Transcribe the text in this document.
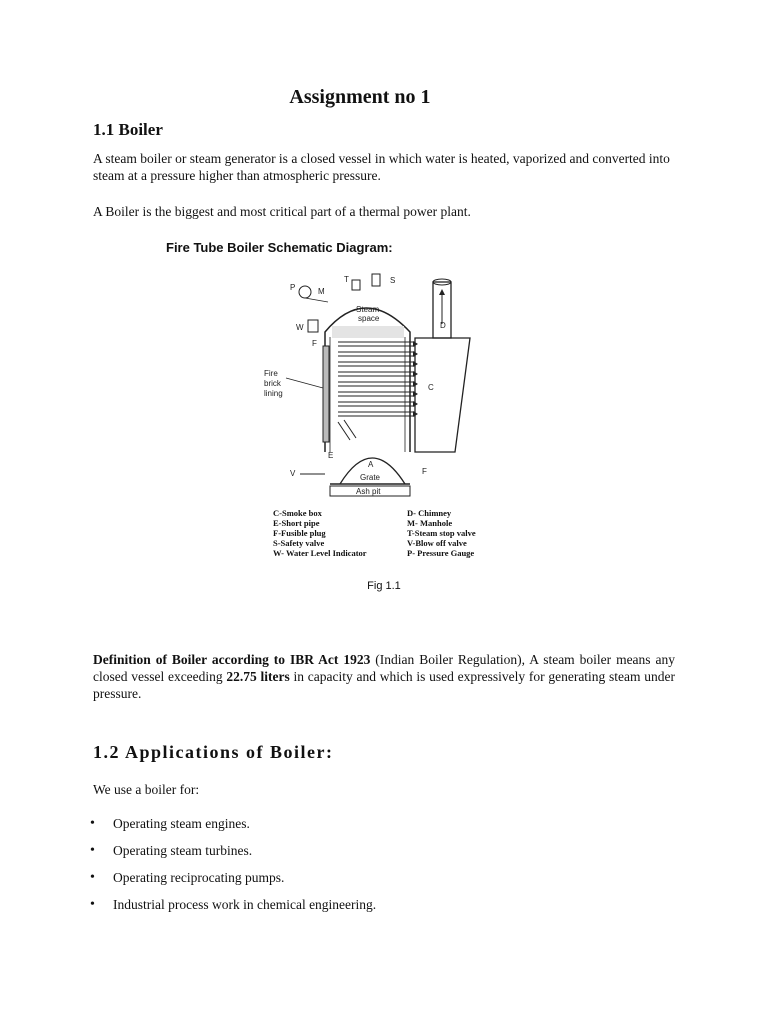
Assignment no 1
1.1 Boiler
A steam boiler or steam generator is a closed vessel in which water is heated, vaporized and converted into steam at a pressure higher than atmospheric pressure.
A Boiler is the biggest and most critical part of a thermal power plant.
Fire Tube Boiler Schematic Diagram:
D
C
Steam
space
Fire
brick
lining
E
A
Grate
Ash pit
V	F
P	M
T	S
W
F
C-Smoke box
E-Short pipe
F-Fusible plug
S-Safety valve
W- Water Level Indicator
D- Chimney
M- Manhole
T-Steam stop valve
V-Blow off valve
P- Pressure Gauge
Fig 1.1
Definition of Boiler according to IBR Act 1923 (Indian Boiler Regulation), A steam boiler means any closed vessel exceeding 22.75 liters in capacity and which is used expressively for generating steam under pressure.
1.2 Applications of Boiler:
We use a boiler for:
• Operating steam engines.
• Operating steam turbines.
• Operating reciprocating pumps.
• Industrial process work in chemical engineering.
